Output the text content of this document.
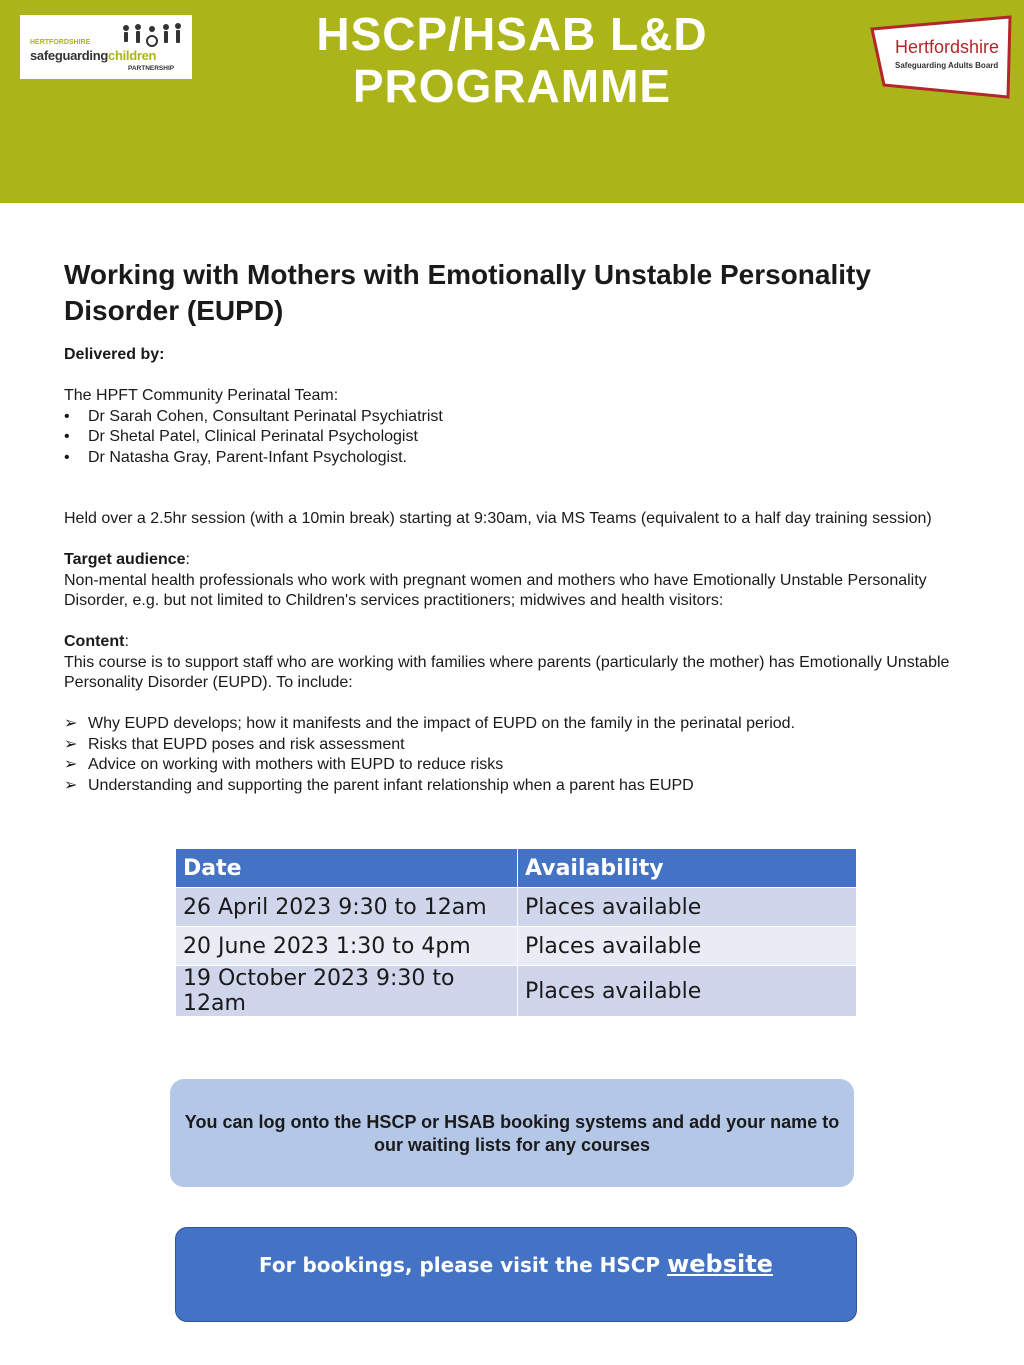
HERTFORDSHIRE
safeguardingchildren
PARTNERSHIP
HSCP/HSAB L&D
PROGRAMME
Hertfordshire
Safeguarding Adults Board
Working with Mothers with Emotionally Unstable Personality Disorder (EUPD)

Delivered by:

The HPFT Community Perinatal Team:

• Dr Sarah Cohen, Consultant Perinatal Psychiatrist
• Dr Shetal Patel, Clinical Perinatal Psychologist
• Dr Natasha Gray, Parent-Infant Psychologist.

Held over a 2.5hr session (with a 10min break) starting at 9:30am, via MS Teams (equivalent to a half day training session)

Target audience:

Non-mental health professionals who work with pregnant women and mothers who have Emotionally Unstable Personality Disorder, e.g. but not limited to Children's services practitioners; midwives and health visitors:

Content:

This course is to support staff who are working with families where parents (particularly the mother) has Emotionally Unstable Personality Disorder (EUPD). To include:

➢ Why EUPD develops; how it manifests and the impact of EUPD on the family in the perinatal period.
➢ Risks that EUPD poses and risk assessment
➢ Advice on working with mothers with EUPD to reduce risks
➢ Understanding and supporting the parent infant relationship when a parent has EUPD
Date	Availability
26 April 2023 9:30 to 12am	Places available
20 June 2023 1:30 to 4pm	Places available
19 October 2023 9:30 to 12am	Places available

You can log onto the HSCP or HSAB booking systems and add your name to our waiting lists for any courses

For bookings, please visit the HSCP website
